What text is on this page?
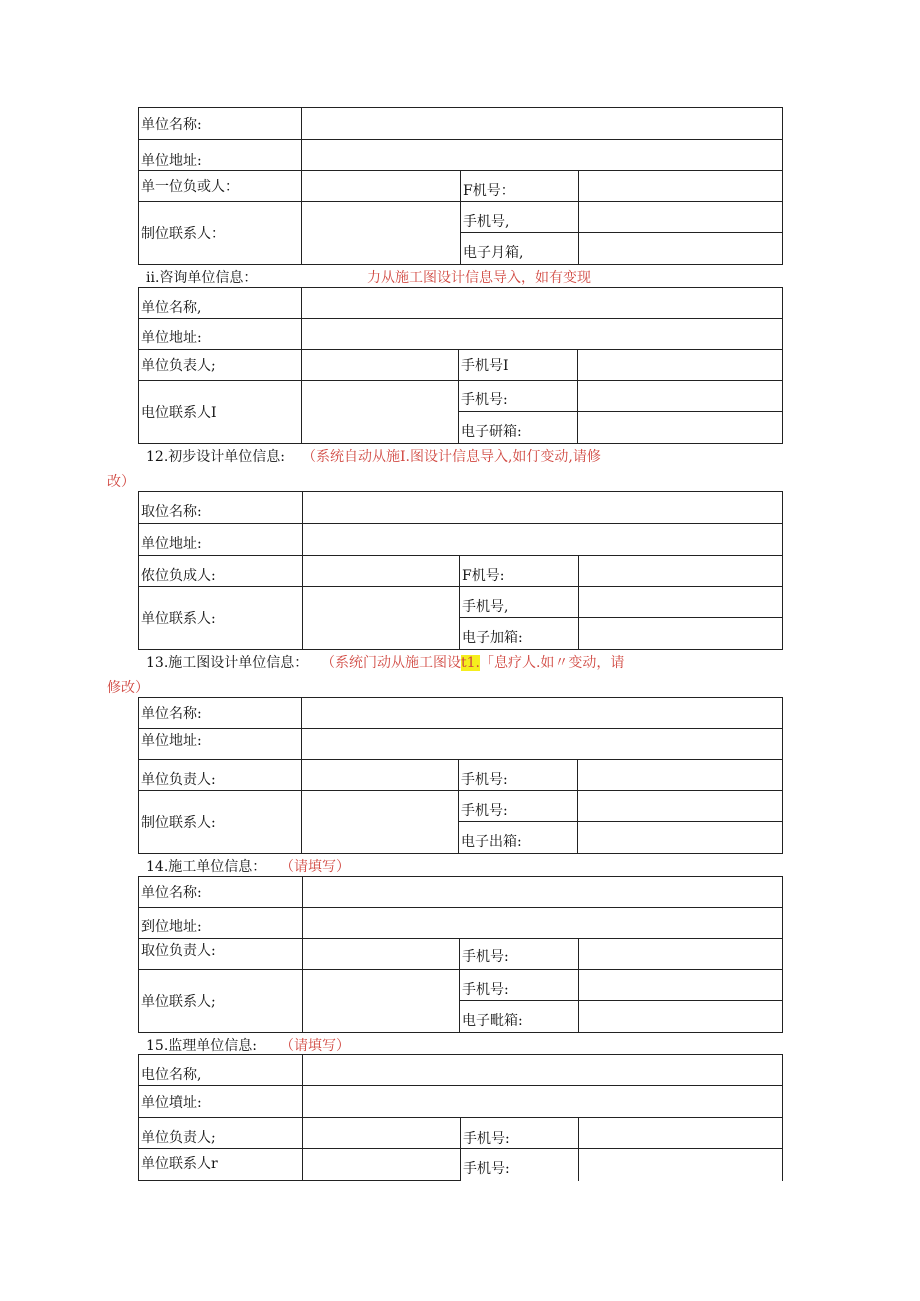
单位名称:
单位地址:
单一位负或人：	F机号：
制位联系人：
手机号,
电子月箱,
ii.咨询单位信息：	力从施工图设计信息导入，如有变现
单位名称,
单位地址:
单位负表人;	手机号I
电位联系人I
手机号:
电子研箱:
12.初步设计单位信息: （系统自动从施I.图设计信息导入,如仃变动,请修
改）
取位名称:
单位地址:
侬位负成人:	F机号:
单位联系人:
手机号,
电子加箱:
13.施工图设计单位信息： （系统门动从施工图设t1.「息疗人.如〃变动，请
修改）
单位名称:
单位地址:
单位负责人:	手机号:
制位联系人:
手机号:
电子出箱:
14.施工单位信息： （请填写）
单位名称:
到位地址:
取位负责人:	手机号:
单位联系人;
手机号:
电子毗箱:
15.监理单位信息: （请填写）
电位名称,
单位墳址:
单位负责人;	手机号:
单位联系人r	手机号:
